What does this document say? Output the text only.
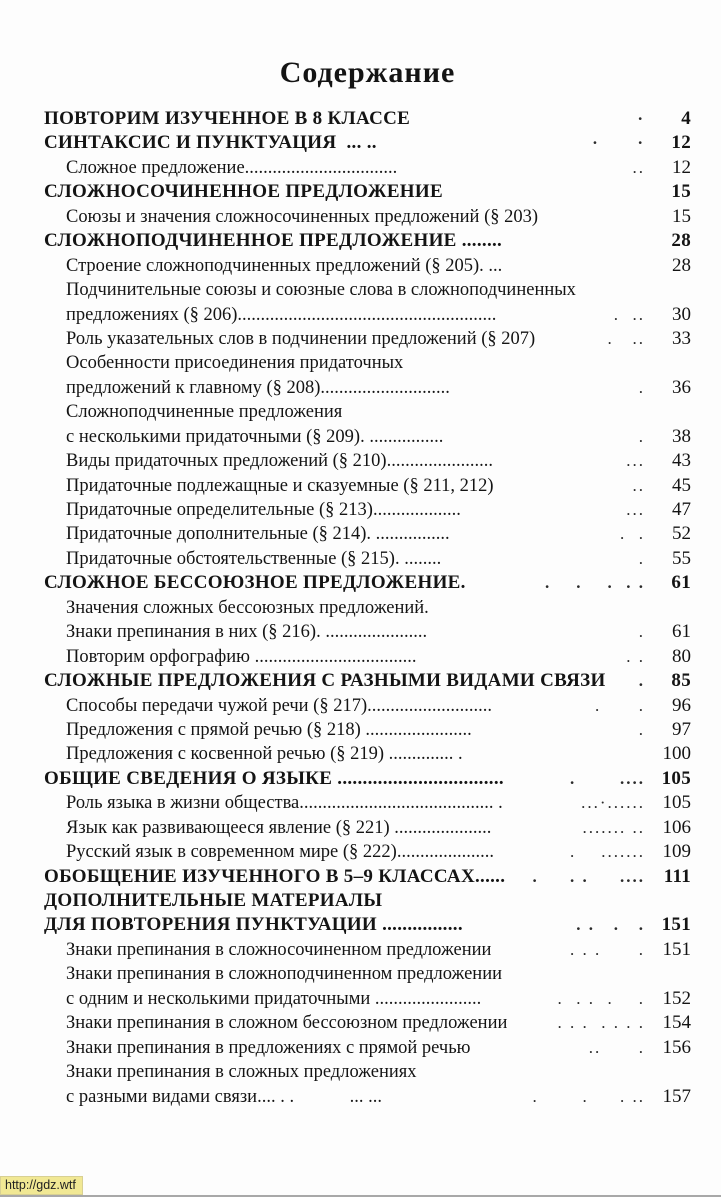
Содержание
ПОВТОРИМ ИЗУЧЕННОЕ В 8 КЛАССЕ	·	4
СИНТАКСИС И ПУНКТУАЦИЯ  ... ..	·      ·	12
Сложное предложение.................................	..	12
СЛОЖНОСОЧИНЕННОЕ ПРЕДЛОЖЕНИЕ	15
Союзы и значения сложносочиненных предложений (§ 203)	15
СЛОЖНОПОДЧИНЕННОЕ ПРЕДЛОЖЕНИЕ ........	28
Строение сложноподчиненных предложений (§ 205). ...	28
Подчинительные союзы и союзные слова в сложноподчиненных
предложениях (§ 206)........................................................	.  ..	30
Роль указательных слов в подчинении предложений (§ 207)	.   ..	33
Особенности присоединения придаточных
предложений к главному (§ 208)............................	.	36
Сложноподчиненные предложения
с несколькими придаточными (§ 209). ................	.	38
Виды придаточных предложений (§ 210).......................	...	43
Придаточные подлежащные и сказуемные (§ 211, 212)	..	45
Придаточные определительные (§ 213)...................	...	47
Придаточные дополнительные (§ 214). ................	.  .	52
Придаточные обстоятельственные (§ 215). ........	.	55
СЛОЖНОЕ БЕССОЮЗНОЕ ПРЕДЛОЖЕНИЕ.	.    .    .  . .	61
Значения сложных бессоюзных предложений.
Знаки препинания в них (§ 216). ......................	.	61
Повторим орфографию ...................................	. .	80
СЛОЖНЫЕ ПРЕДЛОЖЕНИЯ С РАЗНЫМИ ВИДАМИ СВЯЗИ .	85
Способы передачи чужой речи (§ 217)...........................	.      .	96
Предложения с прямой речью (§ 218) .......................	.	97
Предложения с косвенной речью (§ 219) .............. .	100
ОБЩИЕ СВЕДЕНИЯ О ЯЗЫКЕ .................................	.       .... 105
Роль языка в жизни общества.......................................... .	...·...... 105
Язык как развивающееся явление (§ 221) .....................	....... .. 106
Русский язык в современном мире (§ 222).....................	.    ....... 109
ОБОБЩЕНИЕ ИЗУЧЕННОГО В 5–9 КЛАССАХ...... .     . .     .... 111
ДОПОЛНИТЕЛЬНЫЕ МАТЕРИАЛЫ
ДЛЯ ПОВТОРЕНИЯ ПУНКТУАЦИИ ................	. .   .   . 151
Знаки препинания в сложносочиненном предложении	. . .      . 151
Знаки препинания в сложноподчиненном предложении
с одним и несколькими придаточными .......................	.  . .  .    . 152
Знаки препинания в сложном бессоюзном предложении	. . .  . . . . 154
Знаки препинания в предложениях с прямой речью	..      . 156
Знаки препинания в сложных предложениях
с разными видами связи.... . .            ... ...	.       .     . .. 157
http://gdz.wtf
